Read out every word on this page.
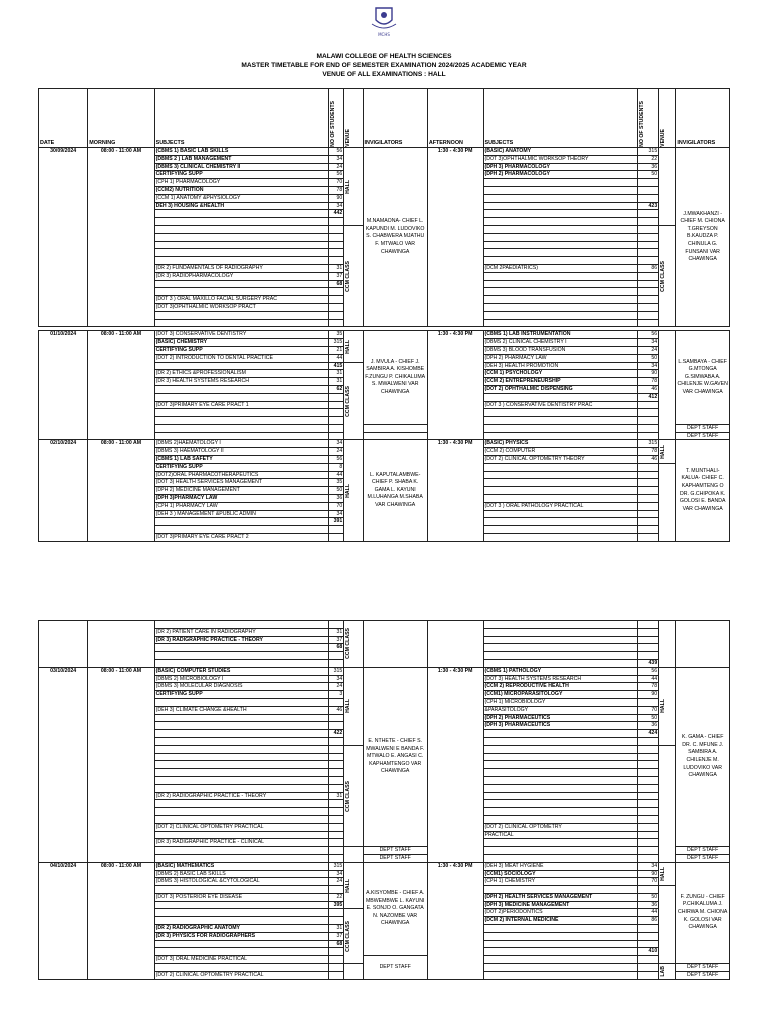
MCHS
MALAWI COLLEGE OF HEALTH SCIENCES
MASTER TIMETABLE FOR END OF SEMESTER EXAMINATION 2024/2025 ACADEMIC YEAR
VENUE OF ALL EXAMINATIONS : HALL
DATE	MORNING	SUBJECTS	NO OF STUDENTS	VENUE	INVIGILATORS	AFTERNOON	SUBJECTS	NO OF STUDENTS	VENUE	INVIGILATORS
30/09/2024	08:00 - 11:00 AM	(CBMS 1) BASIC LAB SKILLS	56	HALL	M.NAMAONA- CHIEF L. KAPUNDI M. LUDOVIKO S. CHABWERA MJATHU F. MTWALO VAR CHAWINGA	1:30 - 4:30 PM	(BASIC) ANATOMY	315		J.MWAKHANZI - CHIEF M. CHIONA T.GREYSON B.KAUDZA P. CHINULA G. FUNSANI VAR CHAWINGA
		(DBMS 2 ) LAB MANAGEMENT	34				(DOT 3)OPHTHALMIC WORKSOP THEORY	22		
		(DBMS 3) CLINICAL CHEMISTRY II	24				(DPH 3) PHARMACOLOGY	36		
		CERTIFYING SUPP	56				(DPH 2) PHARMACOLOGY	50		
		(CPH 1) PHARMACOLOGY	70							
		(CCM2) NUTRITION	78							
		(CCM 1) ANATOMY &PHYSIOLOGY	90							
		DEH 3) HOUSING &HEALTH	34					423		
			442							

				CCM CLASS					CCM CLASS	

		(DR 2) FUNDAMENTALS OF RADIOGRAPHY	31				(DCM 2PAEDIATRICS)	86		
		(DR 3) RADIOPHARMACOLOGY	37							
			68							

		(DOT 3 ) ORAL MAXILLO FACIAL SURGERY PRAC								
		(DOT 3)OPHTHALMIC WORKSOP PRACT								

01/10/2024	08:00 - 11:00 AM	(DOT 3) CONSERVATIVE DENTISTRY	35	HALL	J. MVULA - CHIEF J. SAMBIRA A. KISHOMBE F.ZUNGU P. CHIKALUMA S. MWALWENI VAR CHAWINGA	1:30 - 4:30 PM	(CBMS 1) LAB INSTRUMENTATION	56		L.SAMBAYA - CHIEF G.MTONGA G.SIMWABA A. CHILENJE W.GAVEN VAR CHAWINGA
		(BASIC) CHEMISTRY	315				(DBMS 2) CLINICAL CHEMISTRY I	34		
		CERTIFYING SUPP	21				(DBMS 3) BLOOD TRANSFUSION	24		
		(DOT 2) INTRODUCTION TO DENTAL PRACTICE	44				(DPH 2) PHARMACY LAW	50		
			415	CCM CLASS			(DEH 3) HEALTH PROMOTION	34		
		(DR 2) ETHICS &PROFESSIONALISM	31				(CCM 1) PSYCHOLOGY	90		
		(DR 3) HEALTH SYSTEMS RESEARCH	31				(CCM 2) ENTREPRENEURSHIP	78		
			62				(DOT 2) OPHTHALMIC DISPENSING	46		
								412		
		(DOT 3)PRIMARY EYE CARE PRACT 1					(DOT 3 ) CONSERVATIVE DENTISTRY PRAC			

										DEPT STAFF
										DEPT STAFF
02/10/2024	08:00 - 11:00 AM	(DBMS 2)HAEMATOLOGY I	34	HALL	L. KAPUTALAMBWE- CHIEF P. SHABA K. GAMA L. KAYUNI M.LUHANGA M.SHABA VAR CHAWINGA	1:30 - 4:30 PM	(BASIC) PHYSICS	315	HALL	T. MUNTHALI- KALUA- CHIEF C. KAPHAMTENG O DR. G.CHIPOKA K. GOLOSI E. BANDA VAR CHAWINGA
		(DBMS 3) HAEMATOLOGY II	24				(CCM 2) COMPUTER	78		
		(CBMS 1) LAB SAFETY	56				(DOT 2) CLINICAL OPTOMETRY THEORY	46		
		CERTIFYING SUPP	8							
		(DOT2)ORAL PHARMACOTHERAPEUTICS	44							
		(DOT 3) HEALTH SERVICES MANAGEMENT	35							
		(DPH 2) MEDICINE MANAGEMENT	50							
		(DPH 3)PHARMACY LAW	36							
		(CPH 1) PHARMACY LAW	70				(DOT 3 ) ORAL PATHOLOGY PRACTICAL			
		(DEH 3 ) MANAGEMENT &PUBLIC ADMIN	34							
			391							

		(DOT 3)PRIMARY EYE CARE PRACT 2								

				CCM CLASS						

		(DR 2) PATIENT CARE IN RADIOGRAPHY	31							
		(DR 3) RADIGRAPHIC PRACTICE - THEORY	37							
			68							

								439		
03/10/2024	08:00 - 11:00 AM	(BASIC) COMPUTER STUDIES	315	HALL	E. NTHETE - CHIEF S. MWALWENI E BANDA F. MTWALO E. ANGASI C. KAPHAMTENGO VAR CHAWINGA	1:30 - 4:30 PM	(CBMS 1) PATHOLOGY	56	HALL	K. GAMA - CHIEF DR. C. MFUNE J. SAMBIRA A. CHILENJE M. LUDOVIKO VAR CHAWINGA
		(DBMS 2) MICROBIOLOGY I	34				(DOT 3) HEALTH SYSTEMS RESEARCH	44		
		(DBMS 3) MOLECULAR DIAGNOSIS	24				(CCM 2) REPRODUCTIVE HEALTH	78		
		CERTIFYING SUPP	3				(CCM1) MICROPARASITOLOGY	90		
							(CPH 1) MICROBIOLOGY			
		(DEH 3) CLIMATE CHANGE &HEALTH	46				&PARASITOLOGY	70		
							(DPH 2) PHARMACEUTICS	50		
							(DPH 3) PHARMACEUTICS	36		
			422					424		

				CCM CLASS						

		(DR 2) RADIOGRAPHIC PRACTICE - THEORY	31							

		(DOT 2) CLINICAL OPTOMETRY PRACTICAL					(DOT 2) CLINICAL OPTOMETRY			
							PRACTICAL			
		(DR 3) RADIGRAPHIC PRACTICE - CLINICAL								
					DEPT STAFF					DEPT STAFF
					DEPT STAFF					DEPT STAFF
04/10/2024	08:00 - 11:00 AM	(BASIC) MATHEMATICS	315	HALL	A.KISYOMBE - CHIEF A. MBWEMBWE L. KAYUNI E. SONJO O. GANGATA N. NAZOMBE VAR CHAWINGA	1:30 - 4:30 PM	(DEH 3) MEAT HYGIENE	34	HALL	F. ZUNGU - CHIEF P.CHIKALUMA J. CHIRWA M. CHIONA K. GOLOSI VAR CHAWINGA
		(DBMS 2) BASIC LAB SKILLS	34				(CCM1) SOCIOLOGY	90		
		(DBMS 3) HISTOLOGICAL &CYTOLOGICAL	24				(CPH 1) CHEMISTRY	70		

		(DOT 3) POSTERIOR EYE DISEASE	22				(DPH 2) HEALTH SERVICES MANAGEMENT	50		
			395				(DPH 3) MEDICINE MANAGEMENT	36		

				CCM CLASS			(DOT 2)PERIODONTICS	44		
							(DCM 2) INTERNAL MEDICINE	86		
		(DR 2) RADIOGRAPHIC ANATOMY	31							
		(DR 3) PHYSICS FOR RADIOGRAPHERS	37							
			68							
								410		
		(DOT 3) ORAL MEDICINE PRACTICAL			DEPT STAFF					

									LAB	DEPT STAFF
		(DOT 2) CLINICAL OPTOMETRY PRACTICAL								DEPT STAFF
